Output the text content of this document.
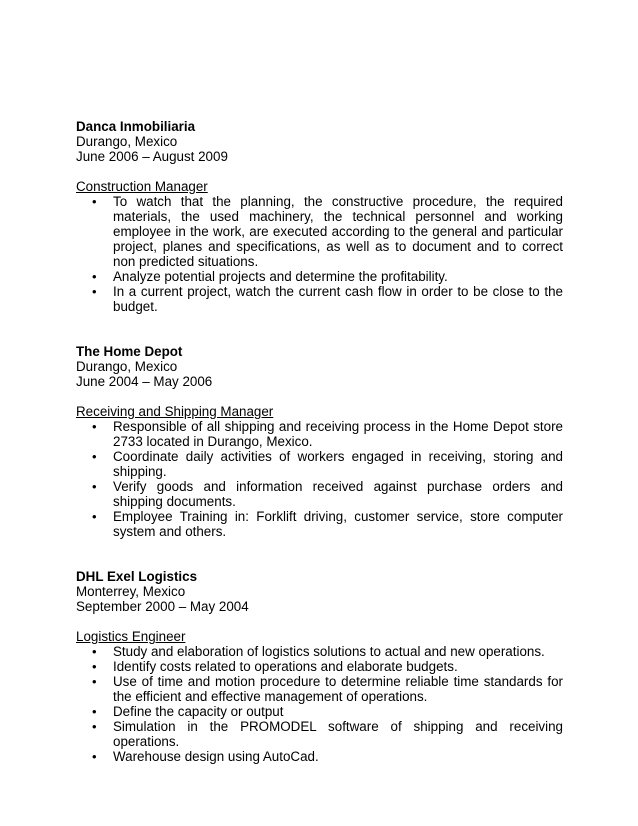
Danca Inmobiliaria
Durango, Mexico
June 2006 – August 2009
Construction Manager
• To watch that the planning, the constructive procedure, the required materials, the used machinery, the technical personnel and working employee in the work, are executed according to the general and particular project, planes and specifications, as well as to document and to correct non predicted situations.
• Analyze potential projects and determine the profitability.
• In a current project, watch the current cash flow in order to be close to the budget.
The Home Depot
Durango, Mexico
June 2004 – May 2006
Receiving and Shipping Manager
• Responsible of all shipping and receiving process in the Home Depot store 2733 located in Durango, Mexico.
• Coordinate daily activities of workers engaged in receiving, storing and shipping.
• Verify goods and information received against purchase orders and shipping documents.
• Employee Training in: Forklift driving, customer service, store computer system and others.
DHL Exel Logistics
Monterrey, Mexico
September 2000 – May 2004
Logistics Engineer
• Study and elaboration of logistics solutions to actual and new operations.
• Identify costs related to operations and elaborate budgets.
• Use of time and motion procedure to determine reliable time standards for the efficient and effective management of operations.
• Define the capacity or output
• Simulation in the PROMODEL software of shipping and receiving operations.
• Warehouse design using AutoCad.
